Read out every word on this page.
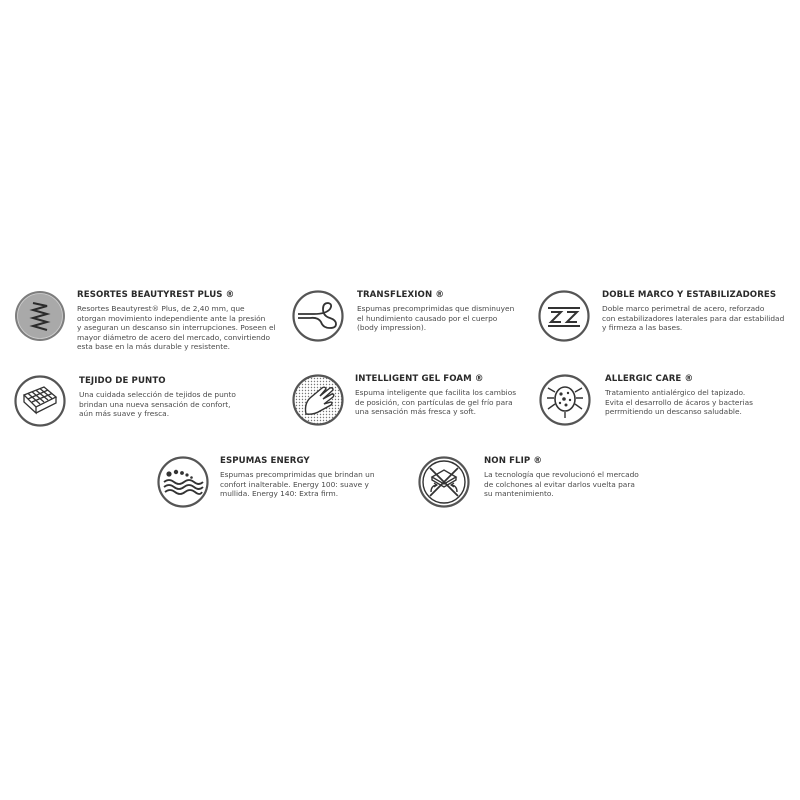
RESORTES BEAUTYREST PLUS ®
Resortes Beautyrest® Plus, de 2,40 mm, que
otorgan movimiento independiente ante la presión
y aseguran un descanso sin interrupciones. Poseen el
mayor diámetro de acero del mercado, convirtiendo
esta base en la más durable y resistente.
TRANSFLEXION ®
Espumas precomprimidas que disminuyen
el hundimiento causado por el cuerpo
(body impression).
DOBLE MARCO Y ESTABILIZADORES
Doble marco perimetral de acero, reforzado
con estabilizadores laterales para dar estabilidad
y firmeza a las bases.
TEJIDO DE PUNTO
Una cuidada selección de tejidos de punto
brindan una nueva sensación de confort,
aún más suave y fresca.
INTELLIGENT GEL FOAM ®
Espuma inteligente que facilita los cambios
de posición, con partículas de gel frío para
una sensación más fresca y soft.
ALLERGIC CARE ®
Tratamiento antialérgico del tapizado.
Evita el desarrollo de ácaros y bacterias
perrmitiendo un descanso saludable.
ESPUMAS ENERGY
Espumas precomprimidas que brindan un
confort inalterable. Energy 100: suave y
mullida. Energy 140: Extra firm.
NON FLIP ®
La tecnología que revolucionó el mercado
de colchones al evitar darlos vuelta para
su mantenimiento.
